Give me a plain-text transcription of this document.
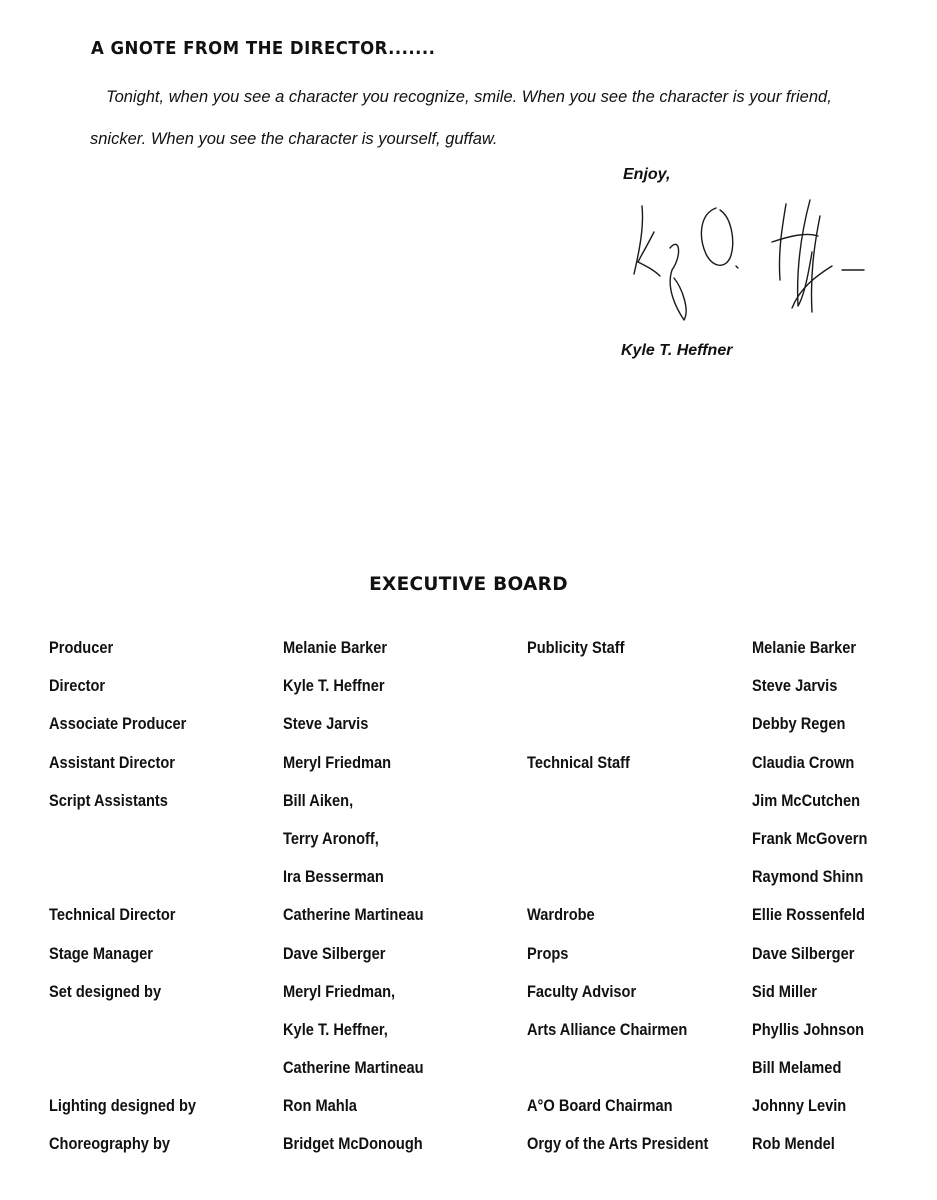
A GNOTE FROM THE DIRECTOR.......
Tonight, when you see a character you recognize, smile. When you see the character is your friend, snicker. When you see the character is yourself, guffaw.
Enjoy,
Kyle T. Heffner
EXECUTIVE BOARD
Producer
Director
Associate Producer
Assistant Director
Script Assistants
Technical Director
Stage Manager
Set designed by
Lighting designed by
Choreography by
Melanie Barker
Kyle T. Heffner
Steve Jarvis
Meryl Friedman
Bill Aiken,
Terry Aronoff,
Ira Besserman
Catherine Martineau
Dave Silberger
Meryl Friedman,
Kyle T. Heffner,
Catherine Martineau
Ron Mahla
Bridget McDonough
Publicity Staff
Technical Staff
Wardrobe
Props
Faculty Advisor
Arts Alliance Chairmen
A°O Board Chairman
Orgy of the Arts President
Melanie Barker
Steve Jarvis
Debby Regen
Claudia Crown
Jim McCutchen
Frank McGovern
Raymond Shinn
Ellie Rossenfeld
Dave Silberger
Sid Miller
Phyllis Johnson
Bill Melamed
Johnny Levin
Rob Mendel
